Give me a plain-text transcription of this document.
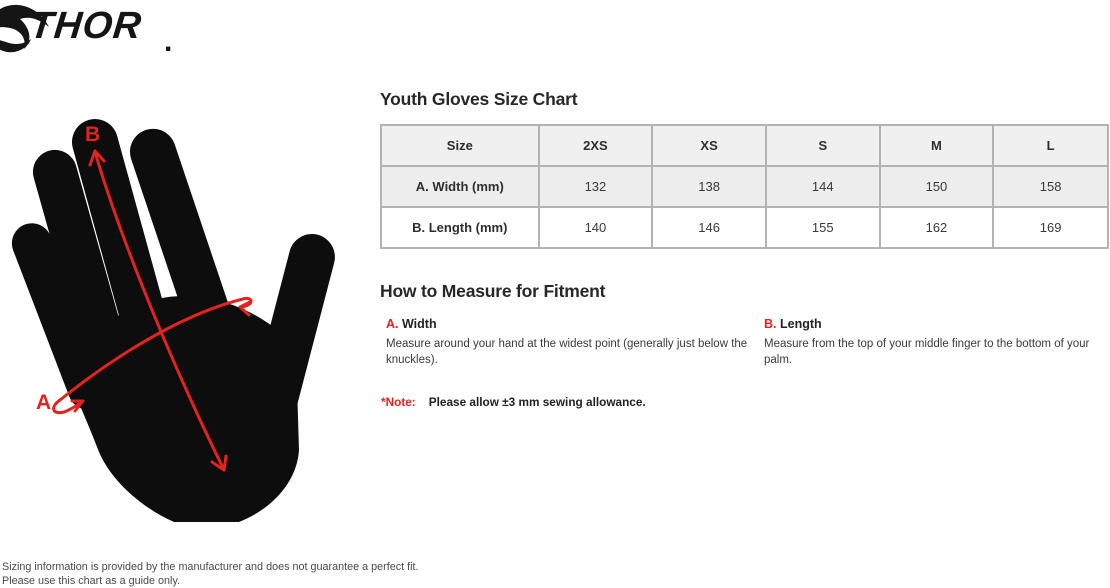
THOR .
B
A
Youth Gloves Size Chart
Size	2XS	XS	S	M	L
A. Width (mm)	132	138	144	150	158
B. Length (mm)	140	146	155	162	169
How to Measure for Fitment
A. Width
Measure around your hand at the widest point (generally just below the knuckles).
B. Length
Measure from the top of your middle finger to the bottom of your palm.
*Note: Please allow ±3 mm sewing allowance.
Sizing information is provided by the manufacturer and does not guarantee a perfect fit.
Please use this chart as a guide only.
